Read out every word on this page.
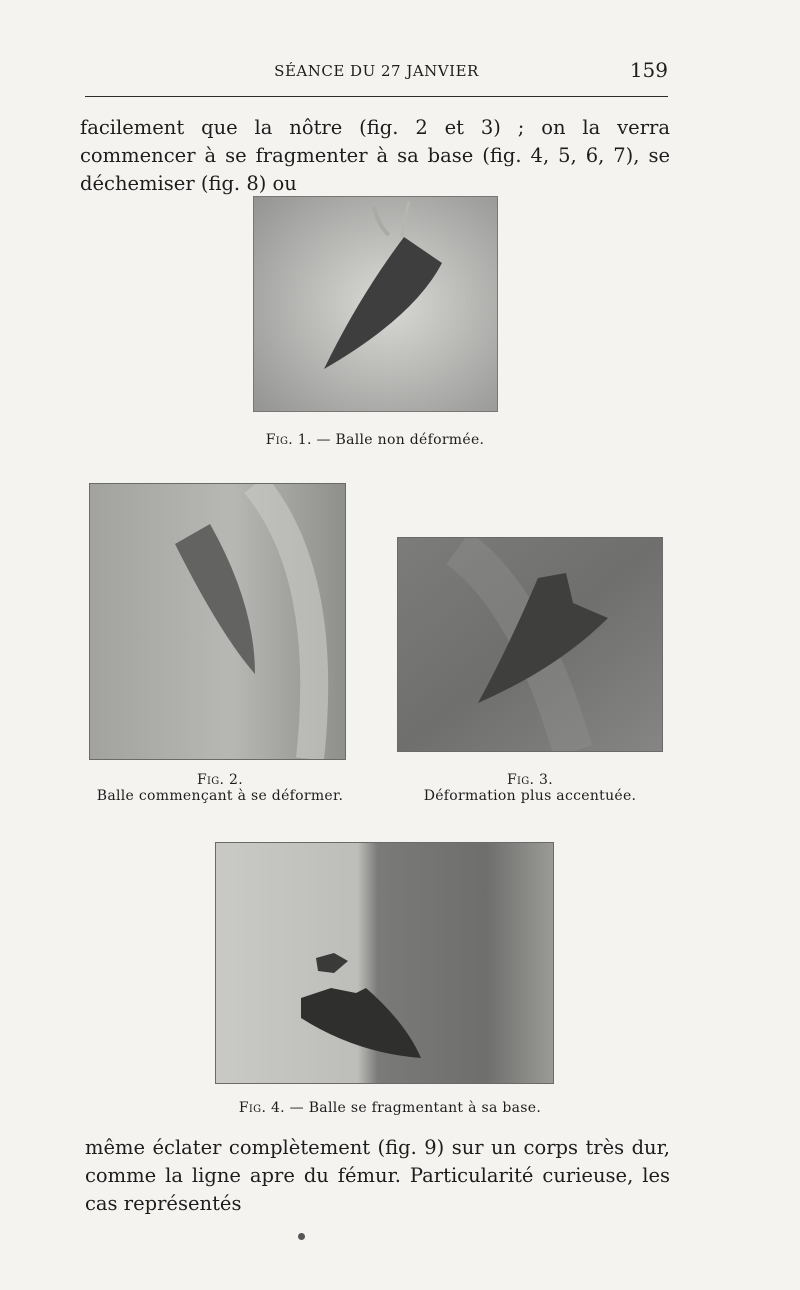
SÉANCE DU 27 JANVIER	159

facilement que la nôtre (fig. 2 et 3) ; on la verra commencer à se fragmenter à sa base (fig. 4, 5, 6, 7), se déchemiser (fig. 8) ou

Fig. 1. — Balle non déformée.
Fig. 2.
Balle commençant à se déformer.
Fig. 3.
Déformation plus accentuée.
Fig. 4. — Balle se fragmentant à sa base.

même éclater complètement (fig. 9) sur un corps très dur, comme la ligne apre du fémur. Particularité curieuse, les cas représentés
